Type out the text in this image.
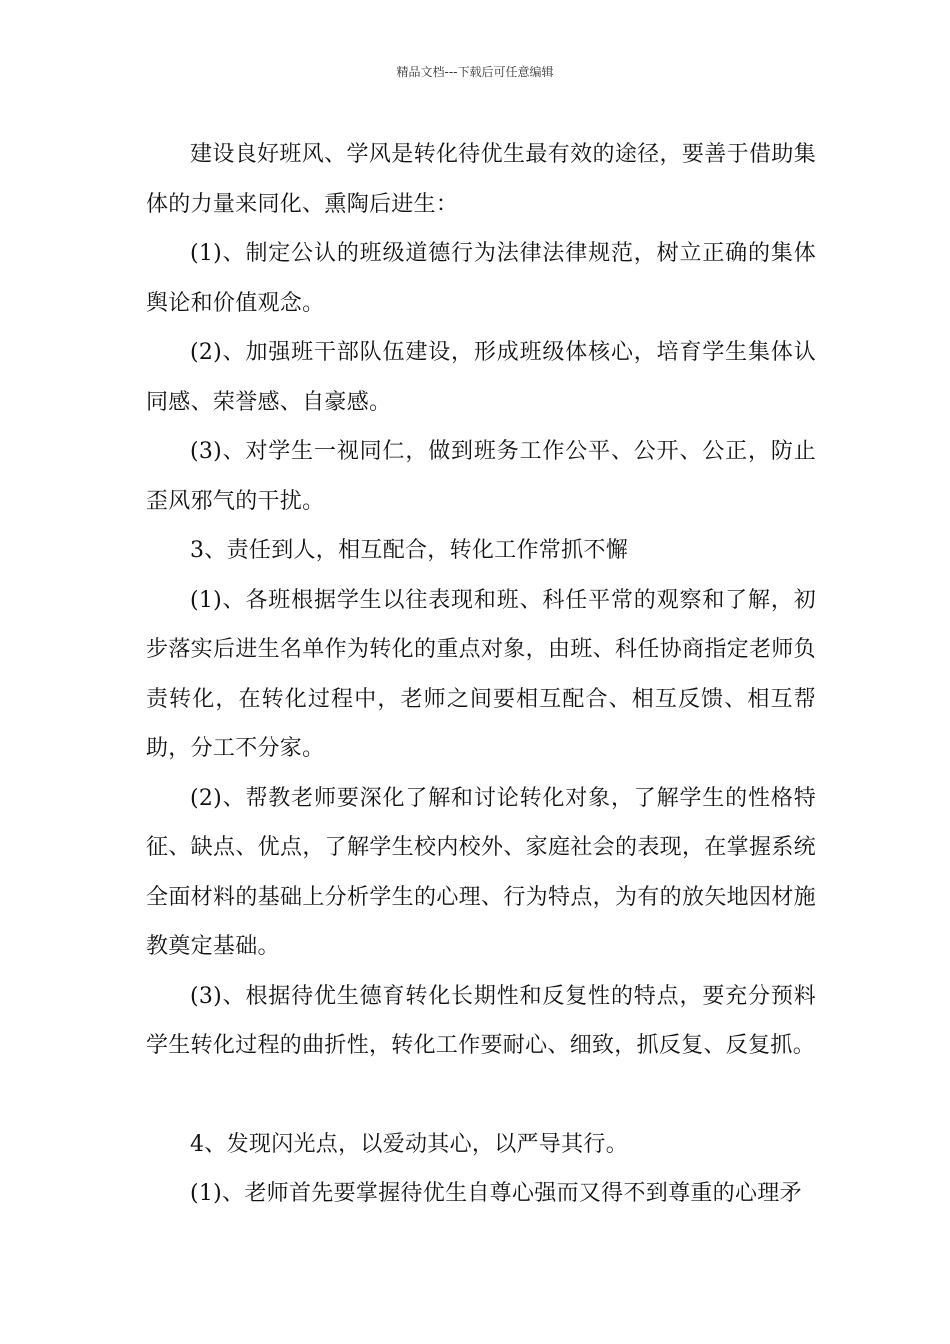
精品文档---下载后可任意编辑

建设良好班风、学风是转化待优生最有效的途径，要善于借助集体的力量来同化、熏陶后进生：

(1)、制定公认的班级道德行为法律法律规范，树立正确的集体舆论和价值观念。

(2)、加强班干部队伍建设，形成班级体核心，培育学生集体认同感、荣誉感、自豪感。

(3)、对学生一视同仁，做到班务工作公平、公开、公正，防止歪风邪气的干扰。

3、责任到人，相互配合，转化工作常抓不懈

(1)、各班根据学生以往表现和班、科任平常的观察和了解，初步落实后进生名单作为转化的重点对象，由班、科任协商指定老师负责转化，在转化过程中，老师之间要相互配合、相互反馈、相互帮助，分工不分家。

(2)、帮教老师要深化了解和讨论转化对象，了解学生的性格特征、缺点、优点，了解学生校内校外、家庭社会的表现，在掌握系统全面材料的基础上分析学生的心理、行为特点，为有的放矢地因材施教奠定基础。

(3)、根据待优生德育转化长期性和反复性的特点，要充分预料学生转化过程的曲折性，转化工作要耐心、细致，抓反复、反复抓。

4、发现闪光点，以爱动其心，以严导其行。

(1)、老师首先要掌握待优生自尊心强而又得不到尊重的心理矛
